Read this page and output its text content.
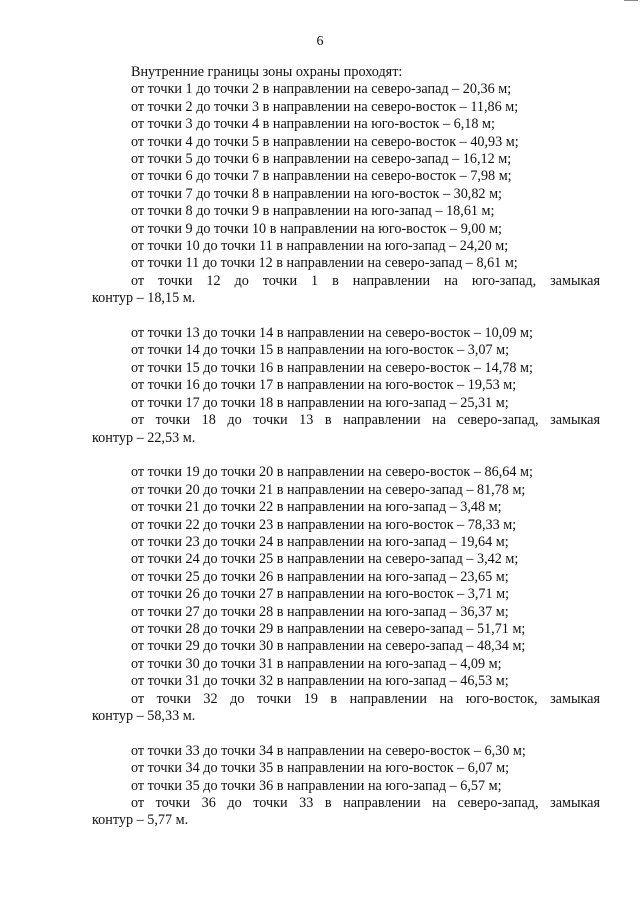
6

Внутренние границы зоны охраны проходят:

от точки 1 до точки 2 в направлении на северо-запад – 20,36 м;

от точки 2 до точки 3 в направлении на северо-восток – 11,86 м;

от точки 3 до точки 4 в направлении на юго-восток – 6,18 м;

от точки 4 до точки 5 в направлении на северо-восток – 40,93 м;

от точки 5 до точки 6 в направлении на северо-запад – 16,12 м;

от точки 6 до точки 7 в направлении на северо-восток – 7,98 м;

от точки 7 до точки 8 в направлении на юго-восток – 30,82 м;

от точки 8 до точки 9 в направлении на юго-запад – 18,61 м;

от точки 9 до точки 10 в направлении на юго-восток – 9,00 м;

от точки 10 до точки 11 в направлении на юго-запад – 24,20 м;

от точки 11 до точки 12 в направлении на северо-запад – 8,61 м;

от точки 12 до точки 1 в направлении на юго-запад, замыкая
контур – 18,15 м.

от точки 13 до точки 14 в направлении на северо-восток – 10,09 м;

от точки 14 до точки 15 в направлении на юго-восток – 3,07 м;

от точки 15 до точки 16 в направлении на северо-восток – 14,78 м;

от точки 16 до точки 17 в направлении на юго-восток – 19,53 м;

от точки 17 до точки 18 в направлении на юго-запад – 25,31 м;

от точки 18 до точки 13 в направлении на северо-запад, замыкая
контур – 22,53 м.

от точки 19 до точки 20 в направлении на северо-восток – 86,64 м;

от точки 20 до точки 21 в направлении на северо-запад – 81,78 м;

от точки 21 до точки 22 в направлении на юго-запад – 3,48 м;

от точки 22 до точки 23 в направлении на юго-восток – 78,33 м;

от точки 23 до точки 24 в направлении на юго-запад – 19,64 м;

от точки 24 до точки 25 в направлении на северо-запад – 3,42 м;

от точки 25 до точки 26 в направлении на юго-запад – 23,65 м;

от точки 26 до точки 27 в направлении на юго-восток – 3,71 м;

от точки 27 до точки 28 в направлении на юго-запад – 36,37 м;

от точки 28 до точки 29 в направлении на северо-запад – 51,71 м;

от точки 29 до точки 30 в направлении на северо-запад – 48,34 м;

от точки 30 до точки 31 в направлении на юго-запад – 4,09 м;

от точки 31 до точки 32 в направлении на юго-запад – 46,53 м;

от точки 32 до точки 19 в направлении на юго-восток, замыкая
контур – 58,33 м.

от точки 33 до точки 34 в направлении на северо-восток – 6,30 м;

от точки 34 до точки 35 в направлении на юго-восток – 6,07 м;

от точки 35 до точки 36 в направлении на юго-запад – 6,57 м;

от точки 36 до точки 33 в направлении на северо-запад, замыкая
контур – 5,77 м.
